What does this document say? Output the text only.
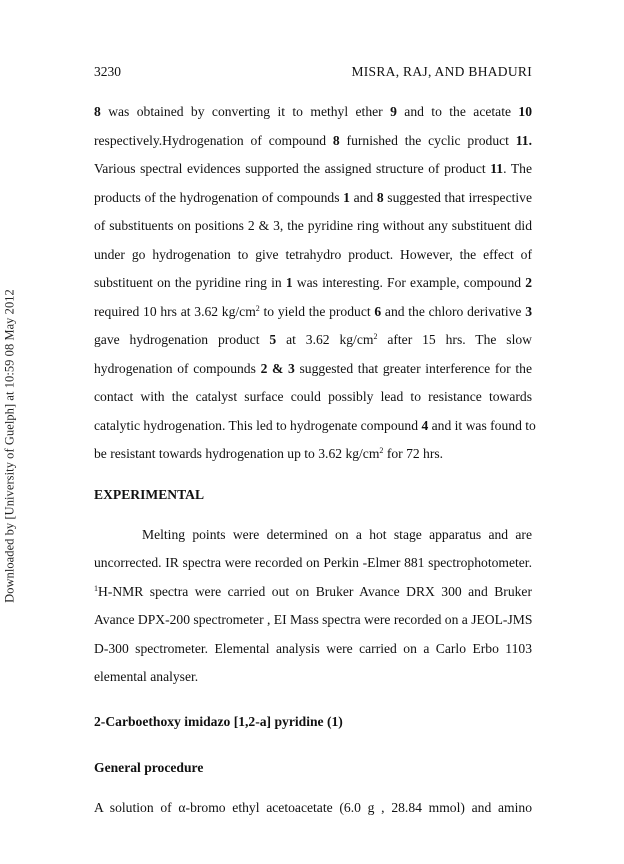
Downloaded by [University of Guelph] at 10:59 08 May 2012
3230	MISRA, RAJ, AND BHADURI
8 was obtained by converting it to methyl ether 9 and to the acetate 10
respectively.Hydrogenation of compound 8 furnished the cyclic product 11.
Various spectral evidences supported the assigned structure of product 11. The
products of the hydrogenation of compounds 1 and 8 suggested that irrespective
of substituents on positions 2 & 3, the pyridine ring without any substituent did
under go hydrogenation to give tetrahydro product. However, the effect of
substituent on the pyridine ring in 1 was interesting. For example, compound 2
required 10 hrs at 3.62 $kg/cm^2$ to yield the product 6 and the chloro derivative 3
gave hydrogenation product 5 at 3.62 $kg/cm^2$ after 15 hrs. The slow
hydrogenation of compounds 2 & 3 suggested that greater interference for the
contact with the catalyst surface could possibly lead to resistance towards
catalytic hydrogenation. This led to hydrogenate compound 4 and it was found to
be resistant towards hydrogenation up to 3.62 $kg/cm^2$ for 72 hrs.
EXPERIMENTAL
Melting points were determined on a hot stage apparatus and are
uncorrected. IR spectra were recorded on Perkin -Elmer 881 spectrophotometer.
$^1$H-NMR spectra were carried out on Bruker Avance DRX 300 and Bruker
Avance DPX-200 spectrometer , EI Mass spectra were recorded on a JEOL-JMS
D-300 spectrometer. Elemental analysis were carried on a Carlo Erbo 1103
elemental analyser.
2-Carboethoxy imidazo [1,2-a] pyridine (1)
General procedure
A solution of α-bromo ethyl acetoacetate (6.0 g , 28.84 mmol) and amino
